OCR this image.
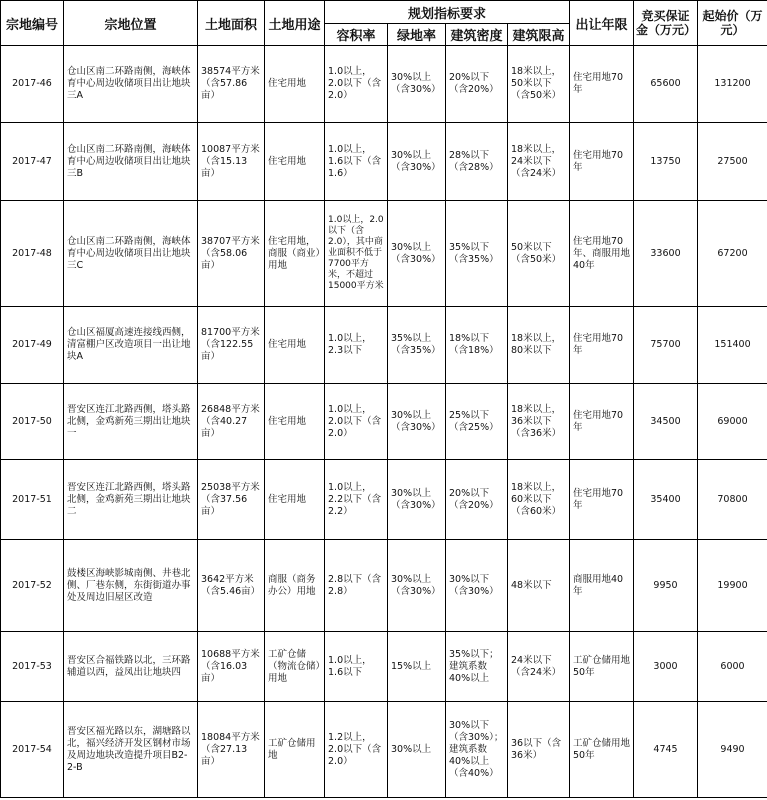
宗地编号	宗地位置	土地面积	土地用途	规划指标要求				出让年限	竞买保证金（万元）	起始价（万元）
				容积率	绿地率	建筑密度	建筑限高			
2017-46	仓山区南二环路南侧，海峡体育中心周边收储项目出让地块三A	38574平方米（含57.86亩）	住宅用地	1.0以上，2.0以下（含2.0）	30%以上（含30%）	20%以下（含20%）	18米以上，50米以下（含50米）	住宅用地70年	65600	131200
2017-47	仓山区南二环路南侧，海峡体育中心周边收储项目出让地块三B	10087平方米（含15.13亩）	住宅用地	1.0以上，1.6以下（含1.6）	30%以上（含30%）	28%以下（含28%）	18米以上，24米以下（含24米）	住宅用地70年	13750	27500
2017-48	仓山区南二环路南侧，海峡体育中心周边收储项目出让地块三C	38707平方米（含58.06亩）	住宅用地，商服（商业）用地	1.0以上，2.0以下（含2.0），其中商业面积不低于7700平方米，不超过15000平方米	30%以上（含30%）	35%以下（含35%）	50米以下（含50米）	住宅用地70年、商服用地40年	33600	67200
2017-49	仓山区福厦高速连接线西侧，清富棚户区改造项目一出让地块A	81700平方米（含122.55亩）	住宅用地	1.0以上，2.3以下	35%以上（含35%）	18%以下（含18%）	18米以上，80米以下	住宅用地70年	75700	151400
2017-50	晋安区连江北路西侧，塔头路北侧，金鸡新苑三期出让地块一	26848平方米（含40.27亩）	住宅用地	1.0以上，2.0以下（含2.0）	30%以上（含30%）	25%以下（含25%）	18米以上，36米以下（含36米）	住宅用地70年	34500	69000
2017-51	晋安区连江北路西侧，塔头路北侧，金鸡新苑三期出让地块二	25038平方米（含37.56亩）	住宅用地	1.0以上，2.2以下（含2.2）	30%以上（含30%）	20%以下（含20%）	18米以上，60米以下（含60米）	住宅用地70年	35400	70800
2017-52	鼓楼区海峡影城南侧、井巷北侧、厂巷东侧，东街街道办事处及周边旧屋区改造	3642平方米（含5.46亩）	商服（商务办公）用地	2.8以下（含2.8）	30%以上（含30%）	30%以下（含30%）	48米以下	商服用地40年	9950	19900
2017-53	晋安区合福铁路以北，三环路辅道以西，益凤出让地块四	10688平方米（含16.03亩）	工矿仓储（物流仓储）用地	1.0以上，1.6以下	15%以上	35%以下；建筑系数40%以上	24米以下（含24米）	工矿仓储用地50年	3000	6000
2017-54	晋安区福光路以东，湖塘路以北，福兴经济开发区钢材市场及周边地块改造提升项目B2-2-B	18084平方米（含27.13亩）	工矿仓储用地	1.2以上，2.0以下（含2.0）	30%以上	30%以下（含30%）；建筑系数40%以上（含40%）	36以下（含36米）	工矿仓储用地50年	4745	9490
